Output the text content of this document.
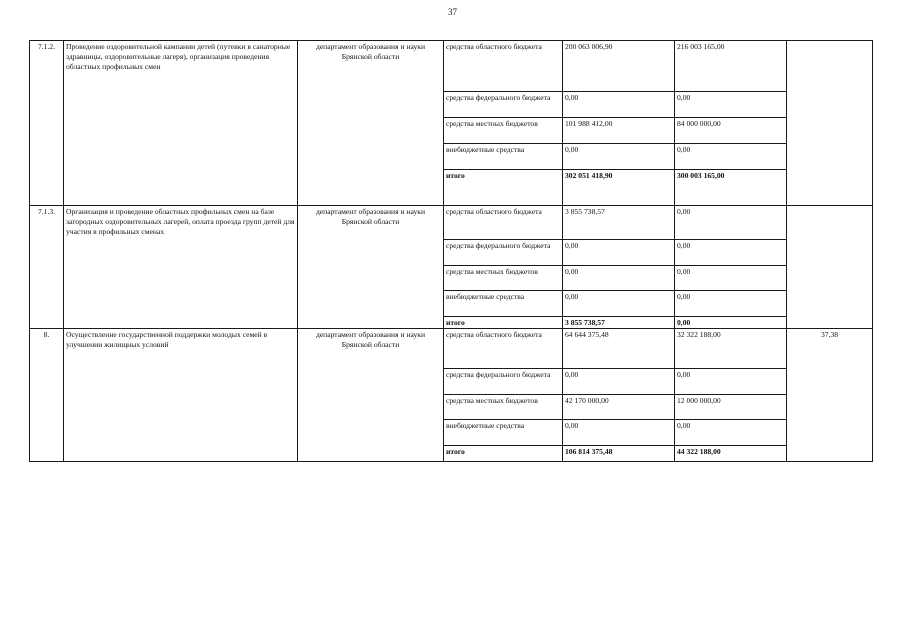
37
7.1.2.	Проведение оздоровительной кампании детей (путевки в санаторные здравницы, оздоровительные лагеря), организация проведения областных профильных смен	департамент образования и науки Брянской области	средства областного бюджета	200 063 006,90	216 003 165,00	
			средства федерального бюджета	0,00	0,00	
			средства местных бюджетов	101 988 412,00	84 000 000,00	
			внебюджетные средства	0,00	0,00	
			итого	302 051 418,90	300 003 165,00	
7.1.3.	Организация и проведение областных профильных смен на базе загородных оздоровительных лагерей, оплата проезда групп детей для участия в профильных сменах	департамент образования и науки Брянской области	средства областного бюджета	3 855 738,57	0,00	
			средства федерального бюджета	0,00	0,00	
			средства местных бюджетов	0,00	0,00	
			внебюджетные средства	0,00	0,00	
			итого	3 855 738,57	0,00	
8.	Осуществление государственной поддержки молодых семей в улучшении жилищных условий	департамент образования и науки Брянской области	средства областного бюджета	64 644 375,48	32 322 188,00	37,38
			средства федерального бюджета	0,00	0,00	
			средства местных бюджетов	42 170 000,00	12 000 000,00	
			внебюджетные средства	0,00	0,00	
			итого	106 814 375,48	44 322 188,00	
